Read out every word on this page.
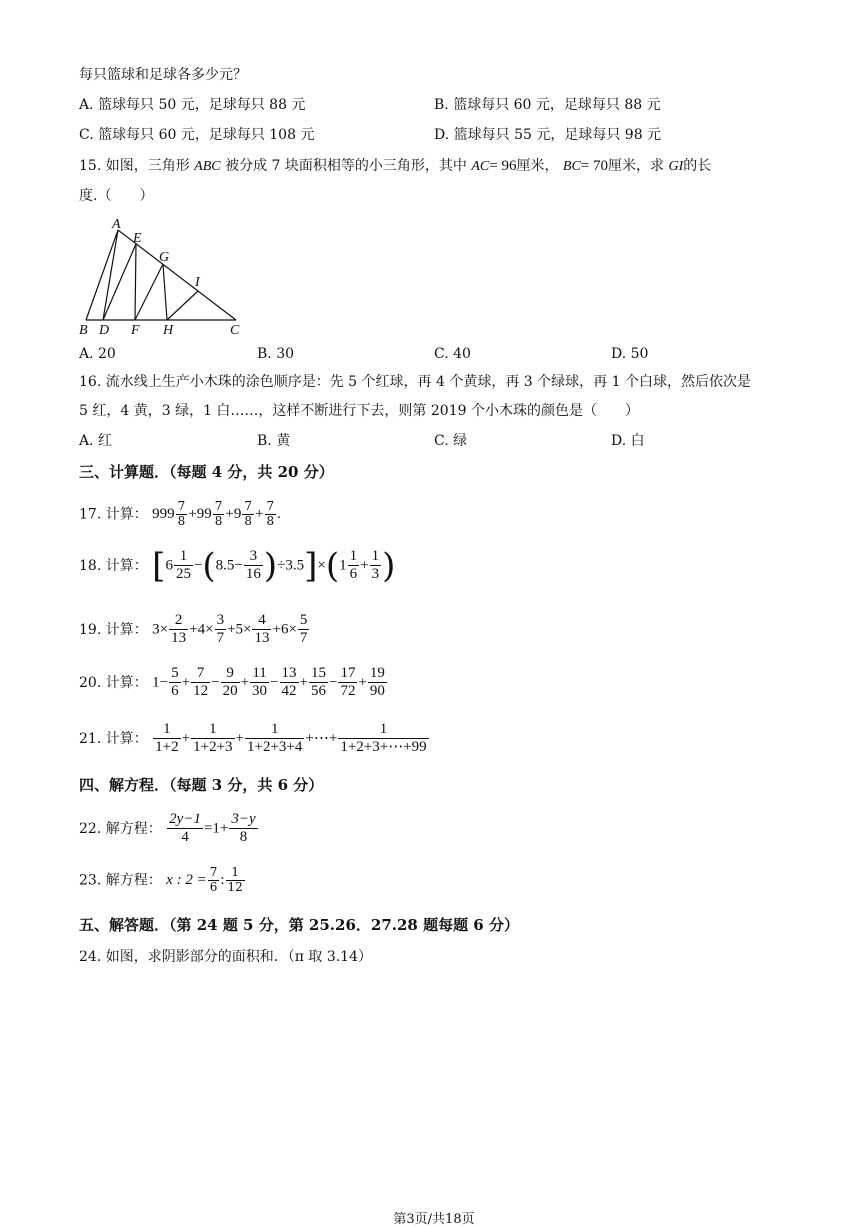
每只篮球和足球各多少元？
A. 篮球每只 50 元，足球每只 88 元	B. 篮球每只 60 元，足球每只 88 元
C. 篮球每只 60 元，足球每只 108 元	D. 篮球每只 55 元，足球每只 98 元
15. 如图，三角形 ABC 被分成 7 块面积相等的小三角形，其中 AC= 96厘米， BC= 70厘米，求 GI的长
度.（　　）
A
E
G
I
B D F H	C
A. 20	B. 30	C. 40	D. 50
16. 流水线上生产小木珠的涂色顺序是：先 5 个红球，再 4 个黄球，再 3 个绿球，再 1 个白球，然后依次是
5 红，4 黄，3 绿，1 白……，这样不断进行下去，则第 2019 个小木珠的颜色是（　　）
A. 红	B. 黄	C. 绿	D. 白
三、计算题．（每题 4 分，共 20 分）
17. 计算： $999 \frac{7}{8} +99 \frac{7}{8} +9 \frac{7}{8} + \frac{7}{8}$ .
18. 计算： $[6 \frac{1}{25} -(8.5- \frac{3}{16} )\div 3.5]\times(1 \frac{1}{6} + \frac{1}{3}$ )
19. 计算： $3\times \frac{2}{13} +4\times \frac{3}{7} +5\times \frac{4}{13} +6\times \frac{5}{7}$
20. 计算： $1- \frac{5}{6} + \frac{7}{12} - \frac{9}{20} + \frac{11}{30} - \frac{13}{42} + \frac{15}{56} - \frac{17}{72} + \frac{19}{90}$
21. 计算： $\frac{1}{1+2} + \frac{1}{1+2+3} + \frac{1}{1+2+3+4}$ +⋯+ $\frac{1}{1+2+3+\cdots+99}$
四、解方程．（每题 3 分，共 6 分）
22. 解方程： $\frac{2y-1}{4} =1+ \frac{3-y}{8}$
23. 解方程： x : $2 = \frac{7}{6}$ : $\frac{1}{12}$
五、解答题．（第 24 题 5 分，第 25.26．27.28 题每题 6 分）
24. 如图，求阴影部分的面积和．（π 取 3.14）
第3页/共18页
